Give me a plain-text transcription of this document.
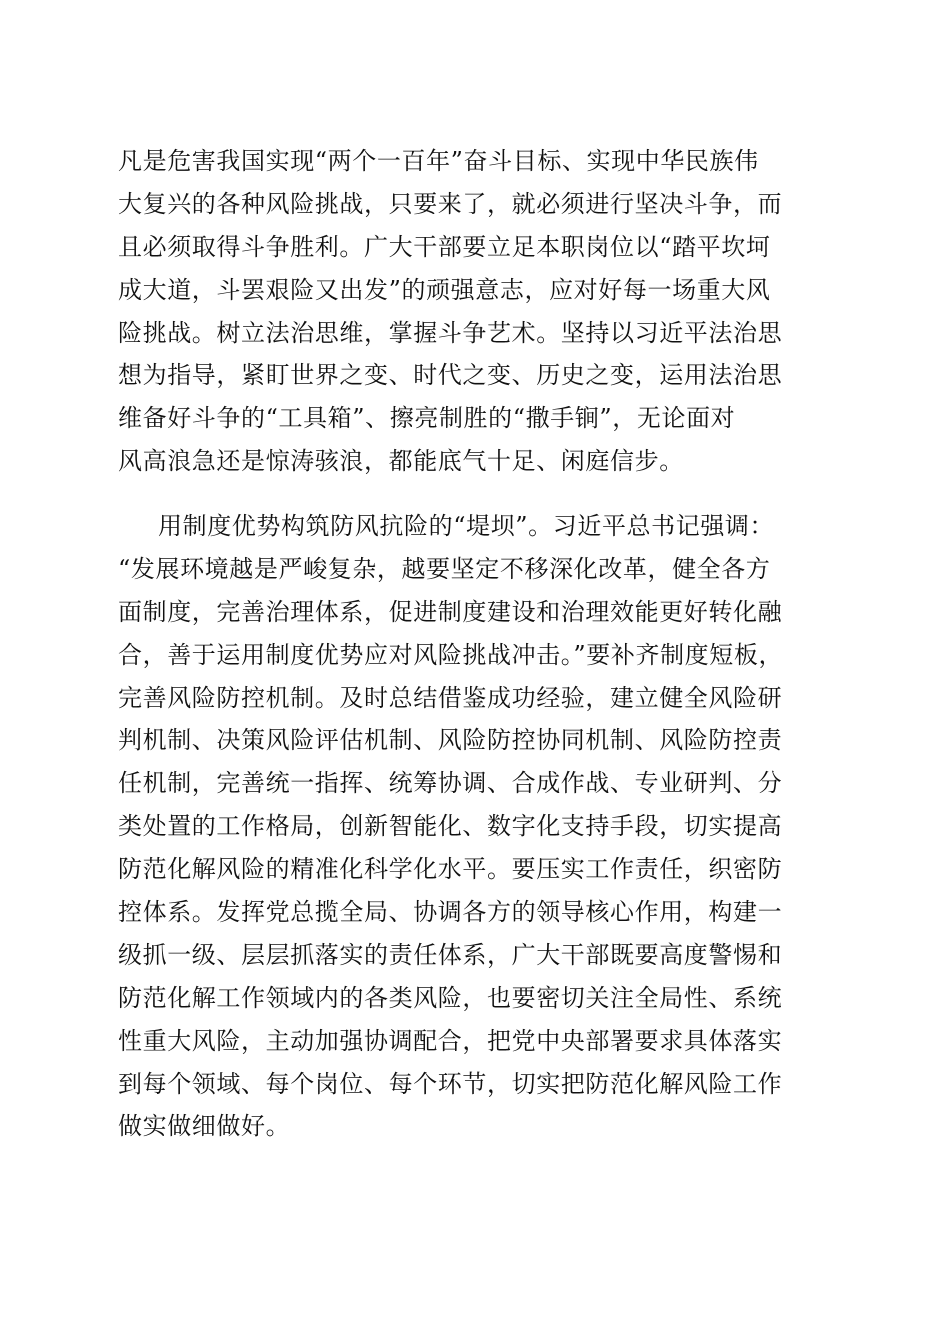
凡是危害我国实现“两个一百年”奋斗目标、实现中华民族伟
大复兴的各种风险挑战，只要来了，就必须进行坚决斗争，而
且必须取得斗争胜利。广大干部要立足本职岗位以“踏平坎坷
成大道，斗罢艰险又出发”的顽强意志，应对好每一场重大风
险挑战。树立法治思维，掌握斗争艺术。坚持以习近平法治思
想为指导，紧盯世界之变、时代之变、历史之变，运用法治思
维备好斗争的“工具箱”、擦亮制胜的“撒手锏”，无论面对
风高浪急还是惊涛骇浪，都能底气十足、闲庭信步。
用制度优势构筑防风抗险的“堤坝”。习近平总书记强调：
“发展环境越是严峻复杂，越要坚定不移深化改革，健全各方
面制度，完善治理体系，促进制度建设和治理效能更好转化融
合，善于运用制度优势应对风险挑战冲击。”要补齐制度短板，
完善风险防控机制。及时总结借鉴成功经验，建立健全风险研
判机制、决策风险评估机制、风险防控协同机制、风险防控责
任机制，完善统一指挥、统筹协调、合成作战、专业研判、分
类处置的工作格局，创新智能化、数字化支持手段，切实提高
防范化解风险的精准化科学化水平。要压实工作责任，织密防
控体系。发挥党总揽全局、协调各方的领导核心作用，构建一
级抓一级、层层抓落实的责任体系，广大干部既要高度警惕和
防范化解工作领域内的各类风险，也要密切关注全局性、系统
性重大风险，主动加强协调配合，把党中央部署要求具体落实
到每个领域、每个岗位、每个环节，切实把防范化解风险工作
做实做细做好。
